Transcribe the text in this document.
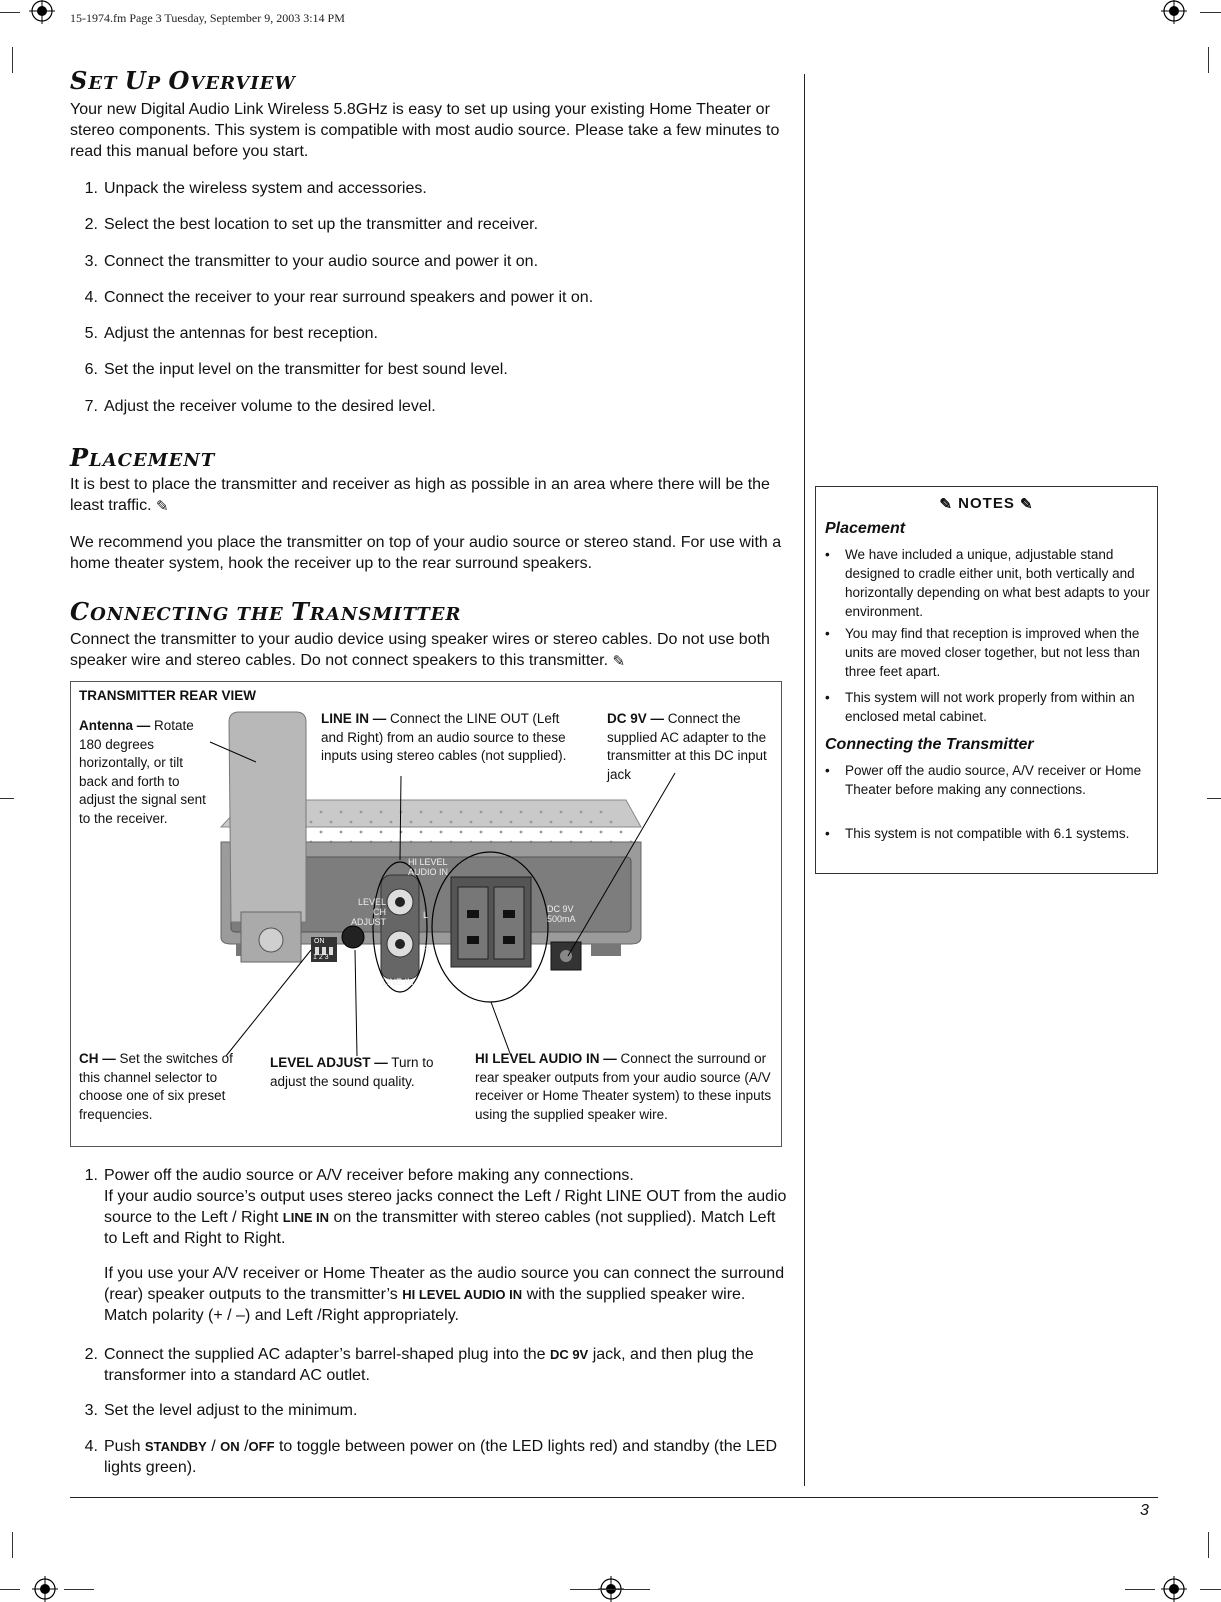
15-1974.fm Page 3 Tuesday, September 9, 2003 3:14 PM
SET UP OVERVIEW
Your new Digital Audio Link Wireless 5.8GHz is easy to set up using your existing Home Theater or stereo components. This system is compatible with most audio source. Please take a few minutes to read this manual before you start.
1. Unpack the wireless system and accessories.
2. Select the best location to set up the transmitter and receiver.
3. Connect the transmitter to your audio source and power it on.
4. Connect the receiver to your rear surround speakers and power it on.
5. Adjust the antennas for best reception.
6. Set the input level on the transmitter for best sound level.
7. Adjust the receiver volume to the desired level.
PLACEMENT
It is best to place the transmitter and receiver as high as possible in an area where there will be the least traffic. ✎
We recommend you place the transmitter on top of your audio source or stereo stand. For use with a home theater system, hook the receiver up to the rear surround speakers.
CONNECTING THE TRANSMITTER
Connect the transmitter to your audio device using speaker wires or stereo cables. Do not use both speaker wire and stereo cables. Do not connect speakers to this transmitter. ✎
TRANSMITTER REAR VIEW
HI LEVEL
AUDIO IN
LEVEL
CH ADJUST
DC 9V
500mA
LINE IN
ON
1 2 3
L
R
Antenna — Rotate 180 degrees horizontally, or tilt back and forth to adjust the signal sent to the receiver.
LINE IN — Connect the LINE OUT (Left and Right) from an audio source to these inputs using stereo cables (not supplied).
DC 9V — Connect the supplied AC adapter to the transmitter at this DC input jack
CH — Set the switches of this channel selector to choose one of six preset frequencies.
LEVEL ADJUST — Turn to adjust the sound quality.
HI LEVEL AUDIO IN — Connect the surround or rear speaker outputs from your audio source (A/V receiver or Home Theater system) to these inputs using the supplied speaker wire.
1. Power off the audio source or A/V receiver before making any connections.
If your audio source’s output uses stereo jacks connect the Left / Right LINE OUT from the audio source to the Left / Right LINE IN on the transmitter with stereo cables (not supplied). Match Left to Left and Right to Right.
If you use your A/V receiver or Home Theater as the audio source you can connect the surround (rear) speaker outputs to the transmitter’s HI LEVEL AUDIO IN with the supplied speaker wire. Match polarity (+ / –) and Left /Right appropriately.
2. Connect the supplied AC adapter’s barrel-shaped plug into the DC 9V jack, and then plug the transformer into a standard AC outlet.
3. Set the level adjust to the minimum.
4. Push STANDBY / ON /OFF to toggle between power on (the LED lights red) and standby (the LED lights green).
✎ NOTES ✎
Placement
• We have included a unique, adjustable stand designed to cradle either unit, both vertically and horizontally depending on what best adapts to your environment.
• You may find that reception is improved when the units are moved closer together, but not less than three feet apart.
• This system will not work properly from within an enclosed metal cabinet.
Connecting the Transmitter
• Power off the audio source, A/V receiver or Home Theater before making any connections.
• This system is not compatible with 6.1 systems.
3
